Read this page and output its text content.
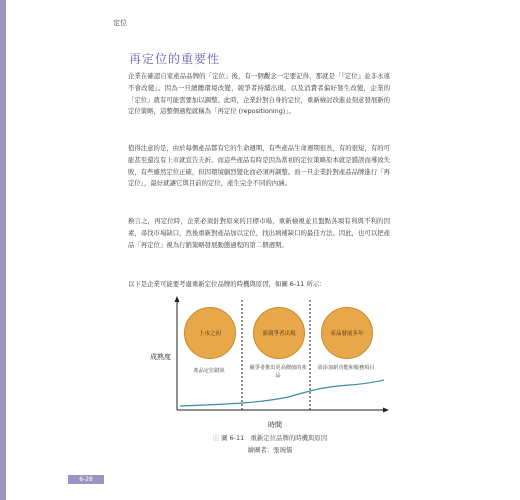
定位
再定位的重要性

企業在確認自家產品品牌的「定位」後，有一個觀念一定要記得，那就是「『定位』並非永遠不會改變」。因為一旦總體環境改變、競爭者持續出現，以及消費者偏好發生改變，企業的「定位」就有可能需要加以調整。此時，企業針對自身的定位，重新檢討改進並刻意發展新的定位策略，這整個過程就稱為「再定位 (repositioning)」。

值得注意的是，由於每個產品都有它的生命週期，有些產品生命週期很長，有的很短，有的可能甚至還沒有上市就宣告夭折。而這些產品有時是因為當初的定位策略原本就是錯誤而導致失敗，有些雖然定位正確，但因環境劇烈變化而必須再調整。而一旦企業針對產品品牌進行「再定位」，最好就讓它與目前的定位，產生完全不同的內涵。

換言之，再定位時，企業必須針對原來的目標市場，重新檢視並且盤點各項有利與不利的因素，尋找市場缺口，然後重新對產品加以定位，找出填補缺口的最佳方法。因此，也可以把產品「再定位」視為行銷策略發展動態過程的第二個週期。

以下是企業可能要考慮重新定位品牌的時機與原因，如圖 6-11 所示：

成熟度
時間
上市之初	新競爭者出現	產品發展多年
產品定位錯誤	競爭者推出更高價值的產品
需添加新功能和服務項目
ⓘ 圖 6-11　重新定位品牌的時機與原因
繪圖者：張琬儒
6-28
